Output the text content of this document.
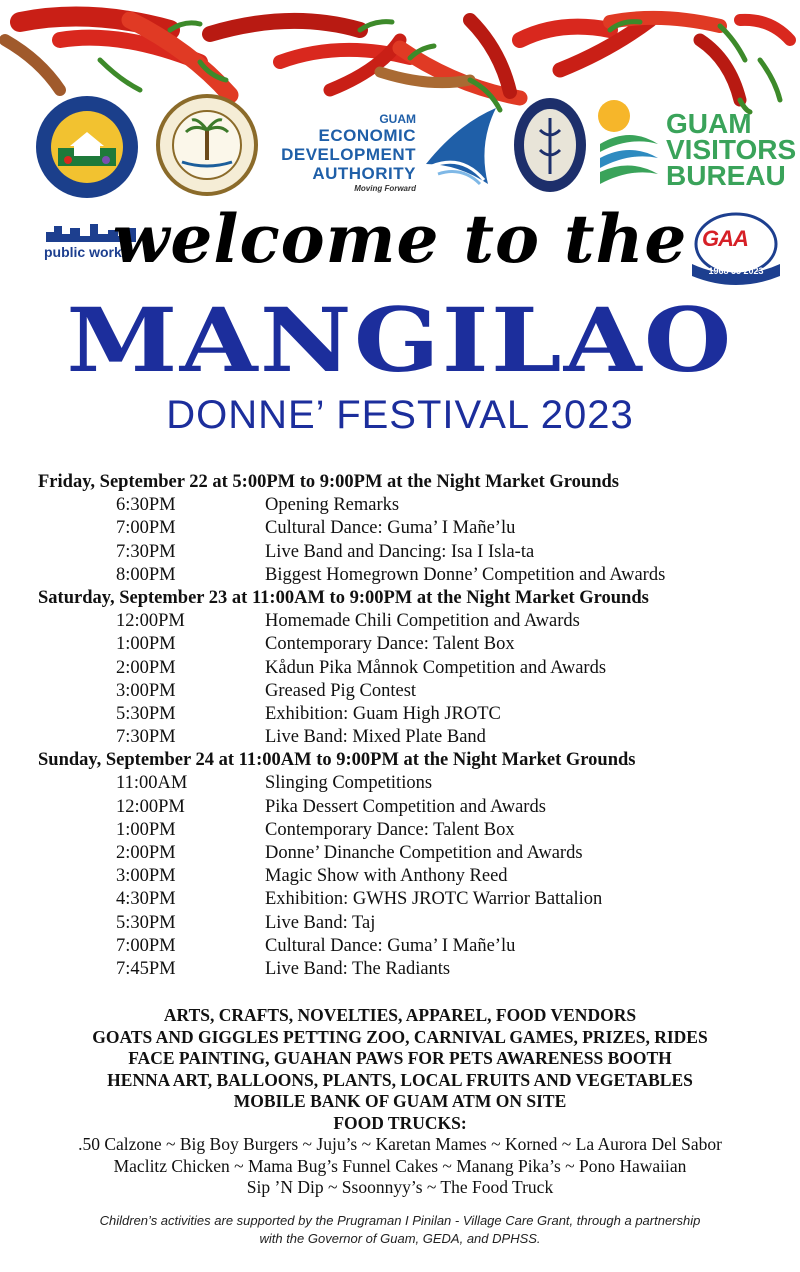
GUAM
ECONOMIC
DEVELOPMENT
AUTHORITY
Moving Forward
GUAM
VISITORS
BUREAU
public works
GAA
1968 55 2023
welcome to the
MANGILAO
DONNE’ FESTIVAL 2023
Friday, September 22 at 5:00PM to 9:00PM at the Night Market Grounds
6:30PM	Opening Remarks
7:00PM	Cultural Dance: Guma’ I Mañe’lu
7:30PM	Live Band and Dancing: Isa I Isla-ta
8:00PM	Biggest Homegrown Donne’ Competition and Awards
Saturday, September 23 at 11:00AM to 9:00PM at the Night Market Grounds
12:00PM	Homemade Chili Competition and Awards
1:00PM	Contemporary Dance: Talent Box
2:00PM	Kådun Pika Månnok Competition and Awards
3:00PM	Greased Pig Contest
5:30PM	Exhibition: Guam High JROTC
7:30PM	Live Band: Mixed Plate Band
Sunday, September 24 at 11:00AM to 9:00PM at the Night Market Grounds
11:00AM	Slinging Competitions
12:00PM	Pika Dessert Competition and Awards
1:00PM	Contemporary Dance: Talent Box
2:00PM	Donne’ Dinanche Competition and Awards
3:00PM	Magic Show with Anthony Reed
4:30PM	Exhibition: GWHS JROTC Warrior Battalion
5:30PM	Live Band: Taj
7:00PM	Cultural Dance: Guma’ I Mañe’lu
7:45PM	Live Band: The Radiants
ARTS, CRAFTS, NOVELTIES, APPAREL, FOOD VENDORS
GOATS AND GIGGLES PETTING ZOO, CARNIVAL GAMES, PRIZES, RIDES
FACE PAINTING, GUAHAN PAWS FOR PETS AWARENESS BOOTH
HENNA ART, BALLOONS, PLANTS, LOCAL FRUITS AND VEGETABLES
MOBILE BANK OF GUAM ATM ON SITE
FOOD TRUCKS:
.50 Calzone ~ Big Boy Burgers ~ Juju’s ~ Karetan Mames ~ Korned ~ La Aurora Del Sabor
Maclitz Chicken ~ Mama Bug’s Funnel Cakes ~ Manang Pika’s ~ Pono Hawaiian
Sip ’N Dip ~ Ssoonnyy’s ~ The Food Truck
Children’s activities are supported by the Prugraman I Pinilan - Village Care Grant, through a partnership
with the Governor of Guam, GEDA, and DPHSS.
